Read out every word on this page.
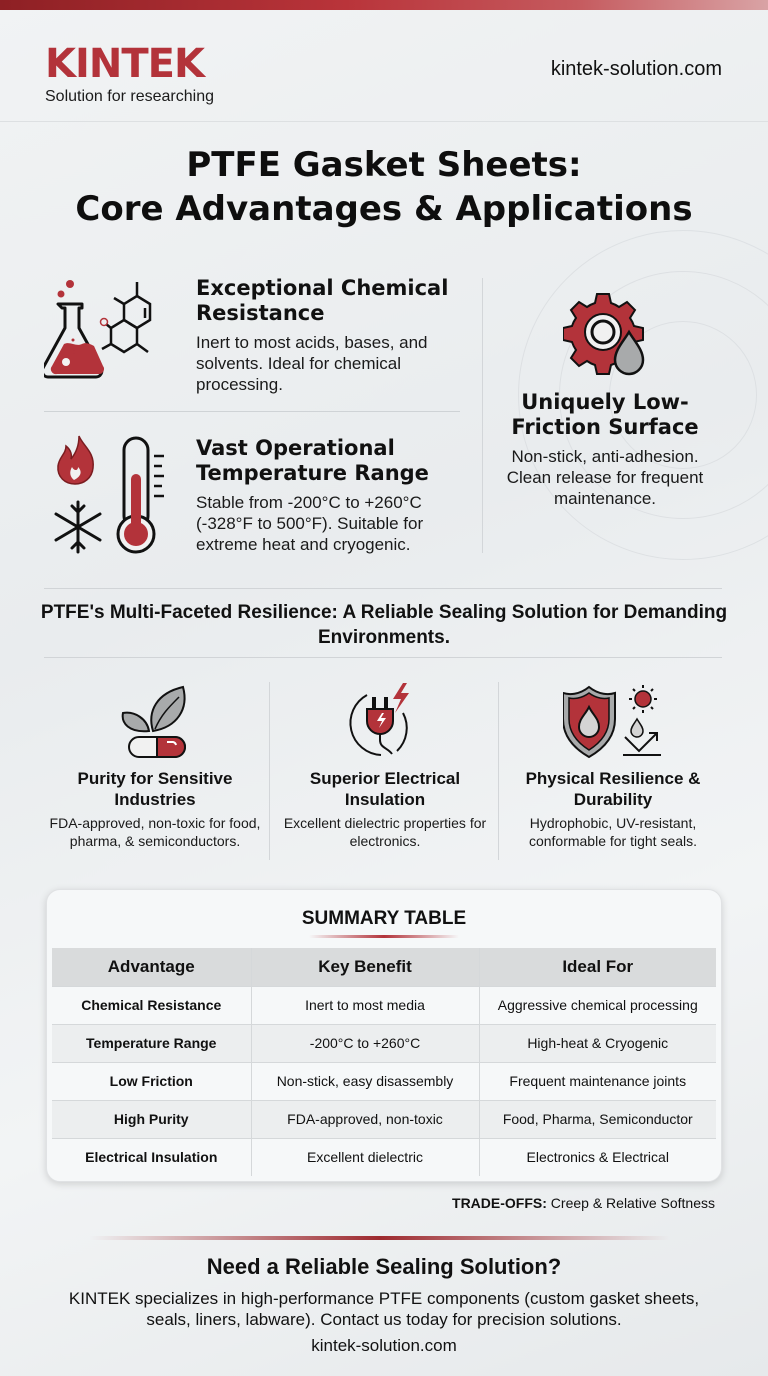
KINTEK
Solution for researching
kintek-solution.com
PTFE Gasket Sheets:
Core Advantages & Applications
Exceptional Chemical Resistance

Inert to most acids, bases, and solvents. Ideal for chemical processing.

Vast Operational Temperature Range

Stable from -200°C to +260°C (-328°F to 500°F). Suitable for extreme heat and cryogenic.

Uniquely Low-Friction Surface

Non-stick, anti-adhesion. Clean release for frequent maintenance.

PTFE's Multi-Faceted Resilience: A Reliable Sealing Solution for Demanding Environments.
Purity for Sensitive Industries

FDA-approved, non-toxic for food, pharma, & semiconductors.

Superior Electrical Insulation

Excellent dielectric properties for electronics.

Physical Resilience & Durability

Hydrophobic, UV-resistant, conformable for tight seals.

SUMMARY TABLE
Advantage	Key Benefit	Ideal For
Chemical Resistance	Inert to most media	Aggressive chemical processing
Temperature Range	-200°C to +260°C	High-heat & Cryogenic
Low Friction	Non-stick, easy disassembly	Frequent maintenance joints
High Purity	FDA-approved, non-toxic	Food, Pharma, Semiconductor
Electrical Insulation	Excellent dielectric	Electronics & Electrical
TRADE-OFFS: Creep & Relative Softness
Need a Reliable Sealing Solution?
KINTEK specializes in high-performance PTFE components (custom gasket sheets, seals, liners, labware). Contact us today for precision solutions.
kintek-solution.com
